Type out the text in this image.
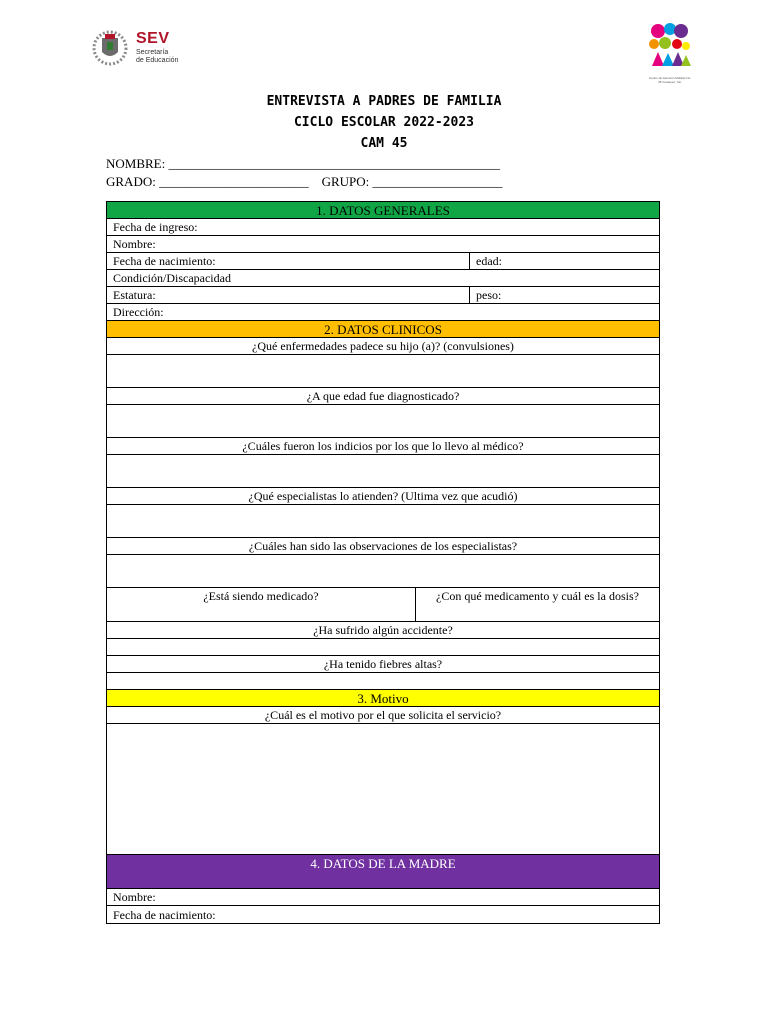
SEV
Secretaría
de Educación
Centro de Atención Múltiple No. 45 Coatepec, Ver.
ENTREVISTA A PADRES DE FAMILIA
CICLO ESCOLAR 2022-2023
CAM 45
NOMBRE: ___________________________________________________
GRADO: _______________________    GRUPO: ____________________
1. DATOS GENERALES
Fecha de ingreso:
Nombre:
Fecha de nacimiento:	edad:
Condición/Discapacidad
Estatura:	peso:
Dirección:
2. DATOS CLINICOS
¿Qué enfermedades padece su hijo (a)? (convulsiones)
¿A que edad fue diagnosticado?
¿Cuáles fueron los indicios por los que lo llevo al médico?
¿Qué especialistas lo atienden? (Ultima vez que acudió)
¿Cuáles han sido las observaciones de los especialistas?
¿Está siendo medicado?	¿Con qué medicamento y cuál es la dosis?
¿Ha sufrido algún accidente?
¿Ha tenido fiebres altas?
3. Motivo
¿Cuál es el motivo por el que solicita el servicio?
4. DATOS DE LA MADRE
Nombre:
Fecha de nacimiento:
